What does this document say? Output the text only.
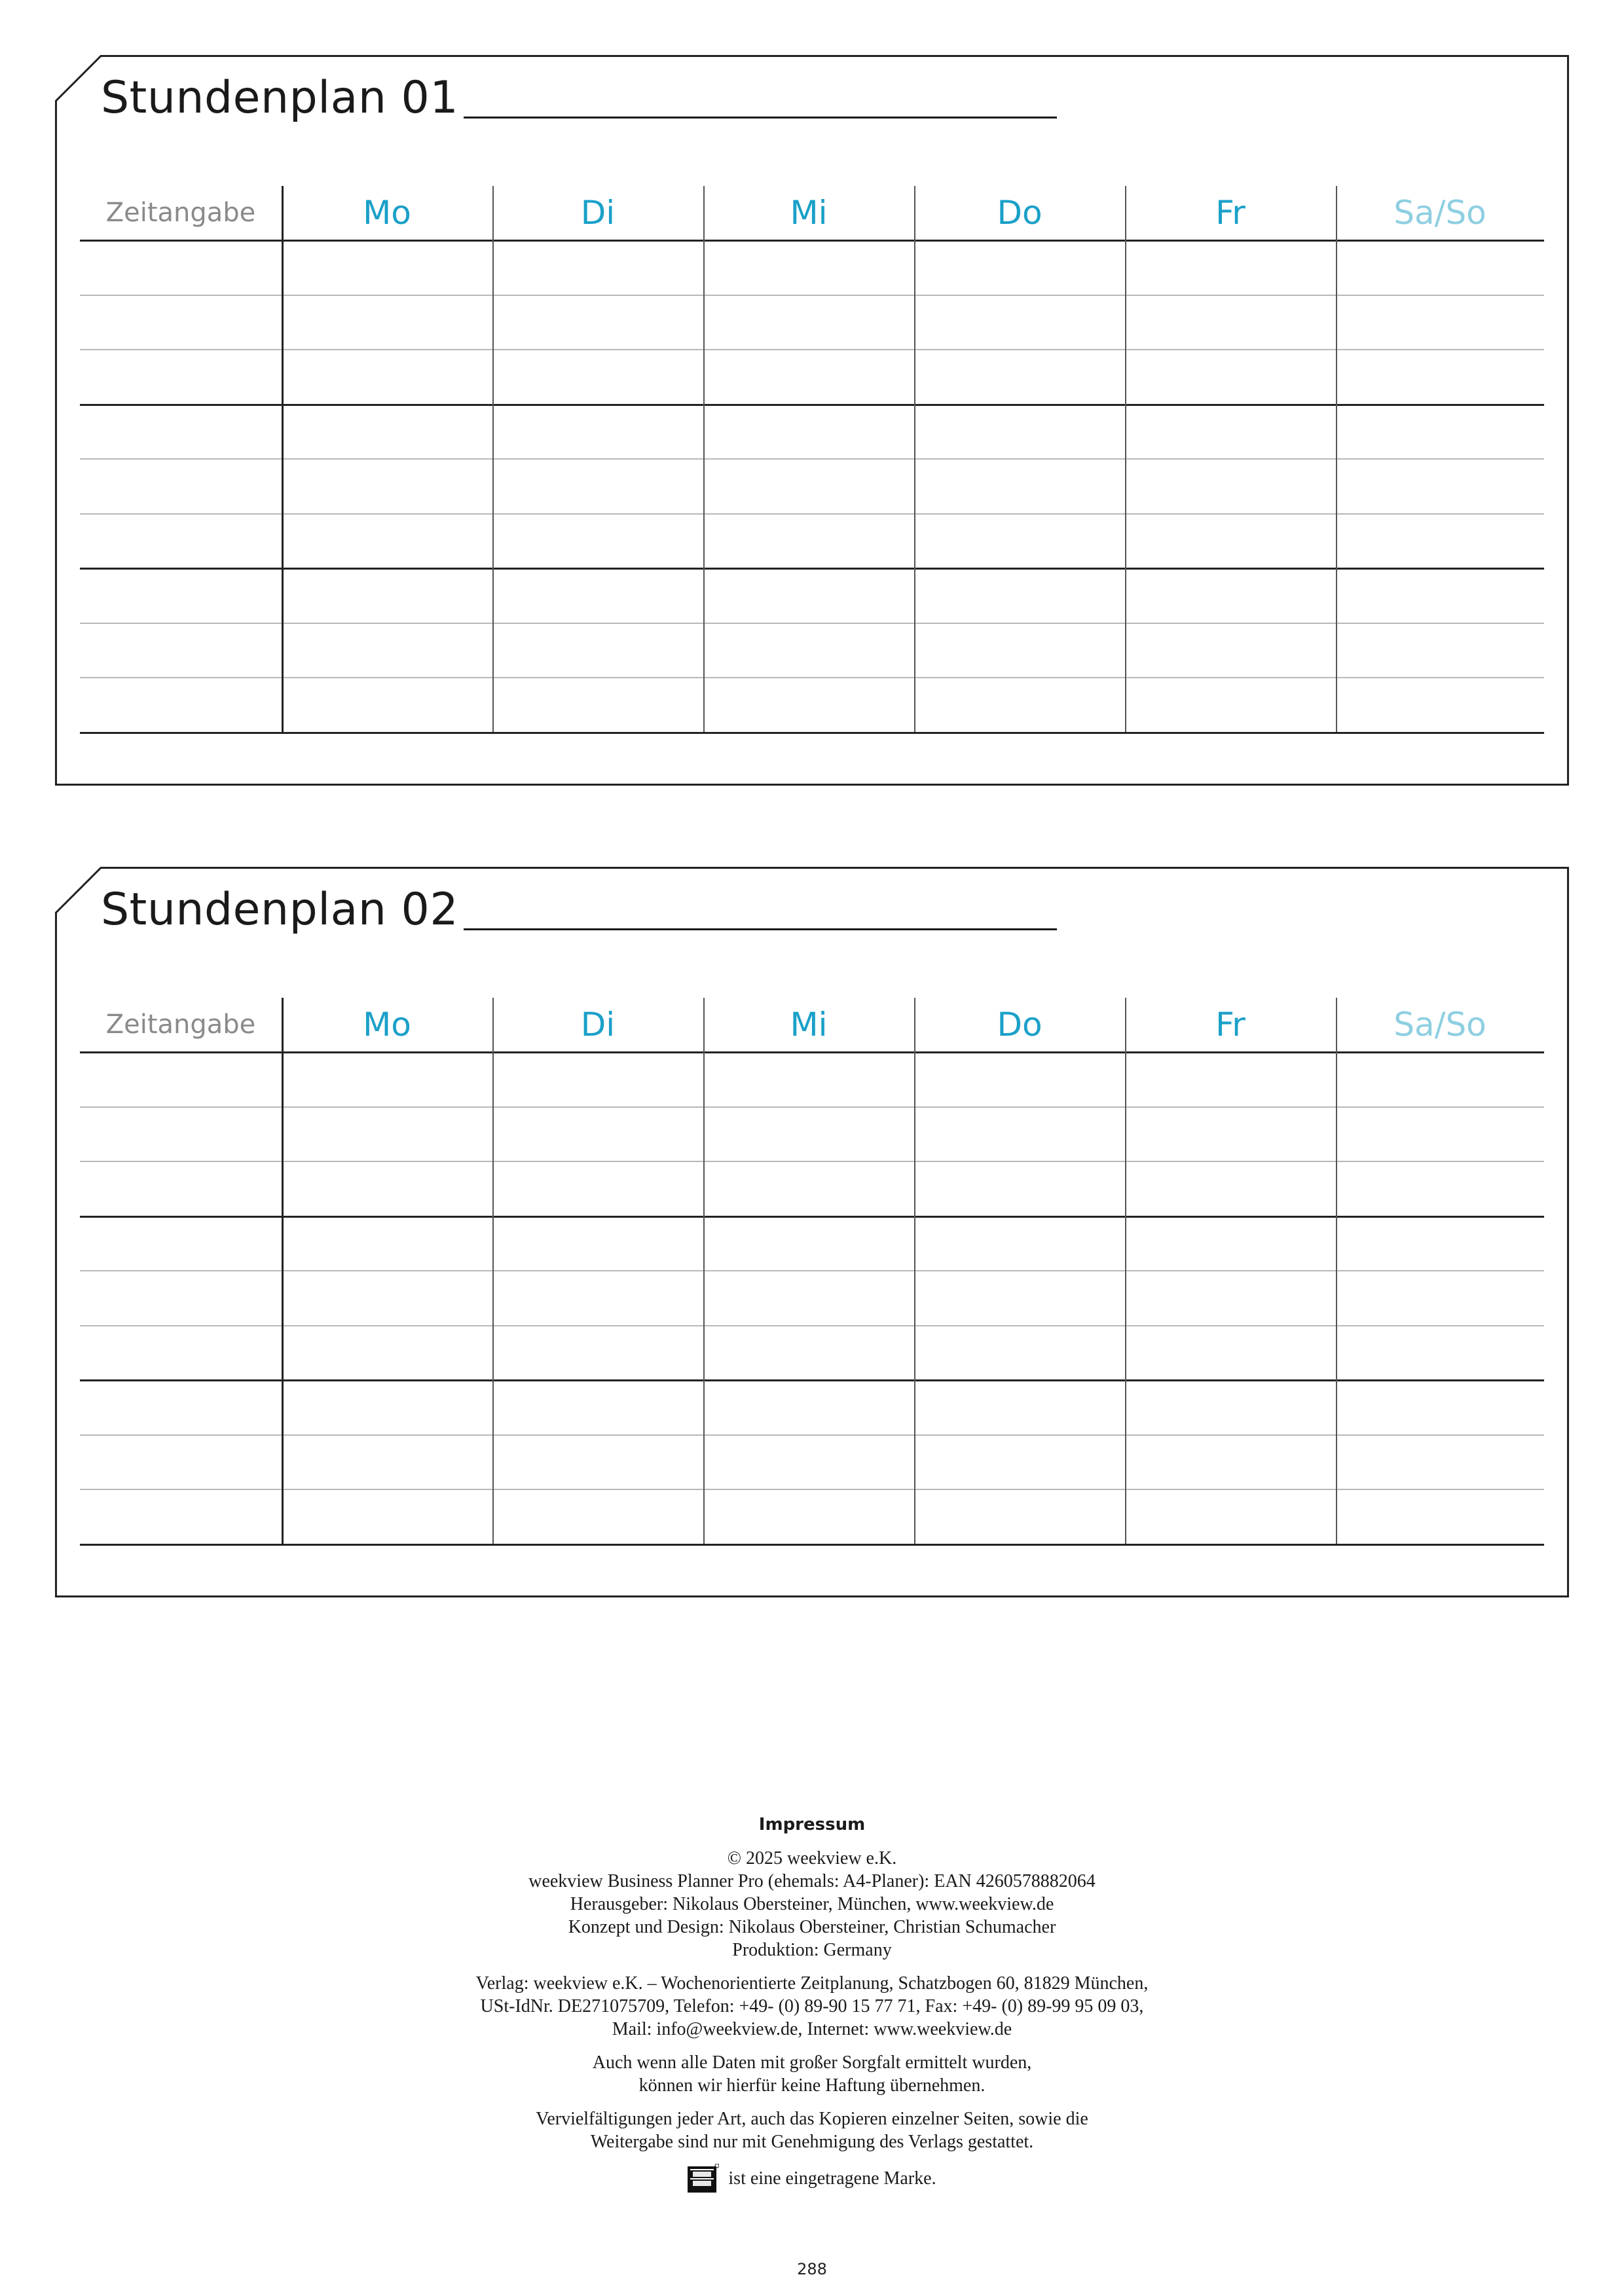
Stundenplan 01
Zeitangabe	Mo	Di	Mi	Do	Fr	Sa/So
Stundenplan 02
Zeitangabe	Mo	Di	Mi	Do	Fr	Sa/So
Impressum
© 2025 weekview e.K.
weekview Business Planner Pro (ehemals: A4-Planer): EAN 4260578882064
Herausgeber: Nikolaus Obersteiner, München, www.weekview.de
Konzept und Design: Nikolaus Obersteiner, Christian Schumacher
Produktion: Germany
Verlag: weekview e.K. – Wochenorientierte Zeitplanung, Schatzbogen 60, 81829 München,
USt-IdNr. DE271075709, Telefon: +49- (0) 89-90 15 77 71, Fax: +49- (0) 89-99 95 09 03,
Mail: info@weekview.de, Internet: www.weekview.de
Auch wenn alle Daten mit großer Sorgfalt ermittelt wurden,
können wir hierfür keine Haftung übernehmen.
Vervielfältigungen jeder Art, auch das Kopieren einzelner Seiten, sowie die
Weitergabe sind nur mit Genehmigung des Verlags gestattet.
ist eine eingetragene Marke.
288
